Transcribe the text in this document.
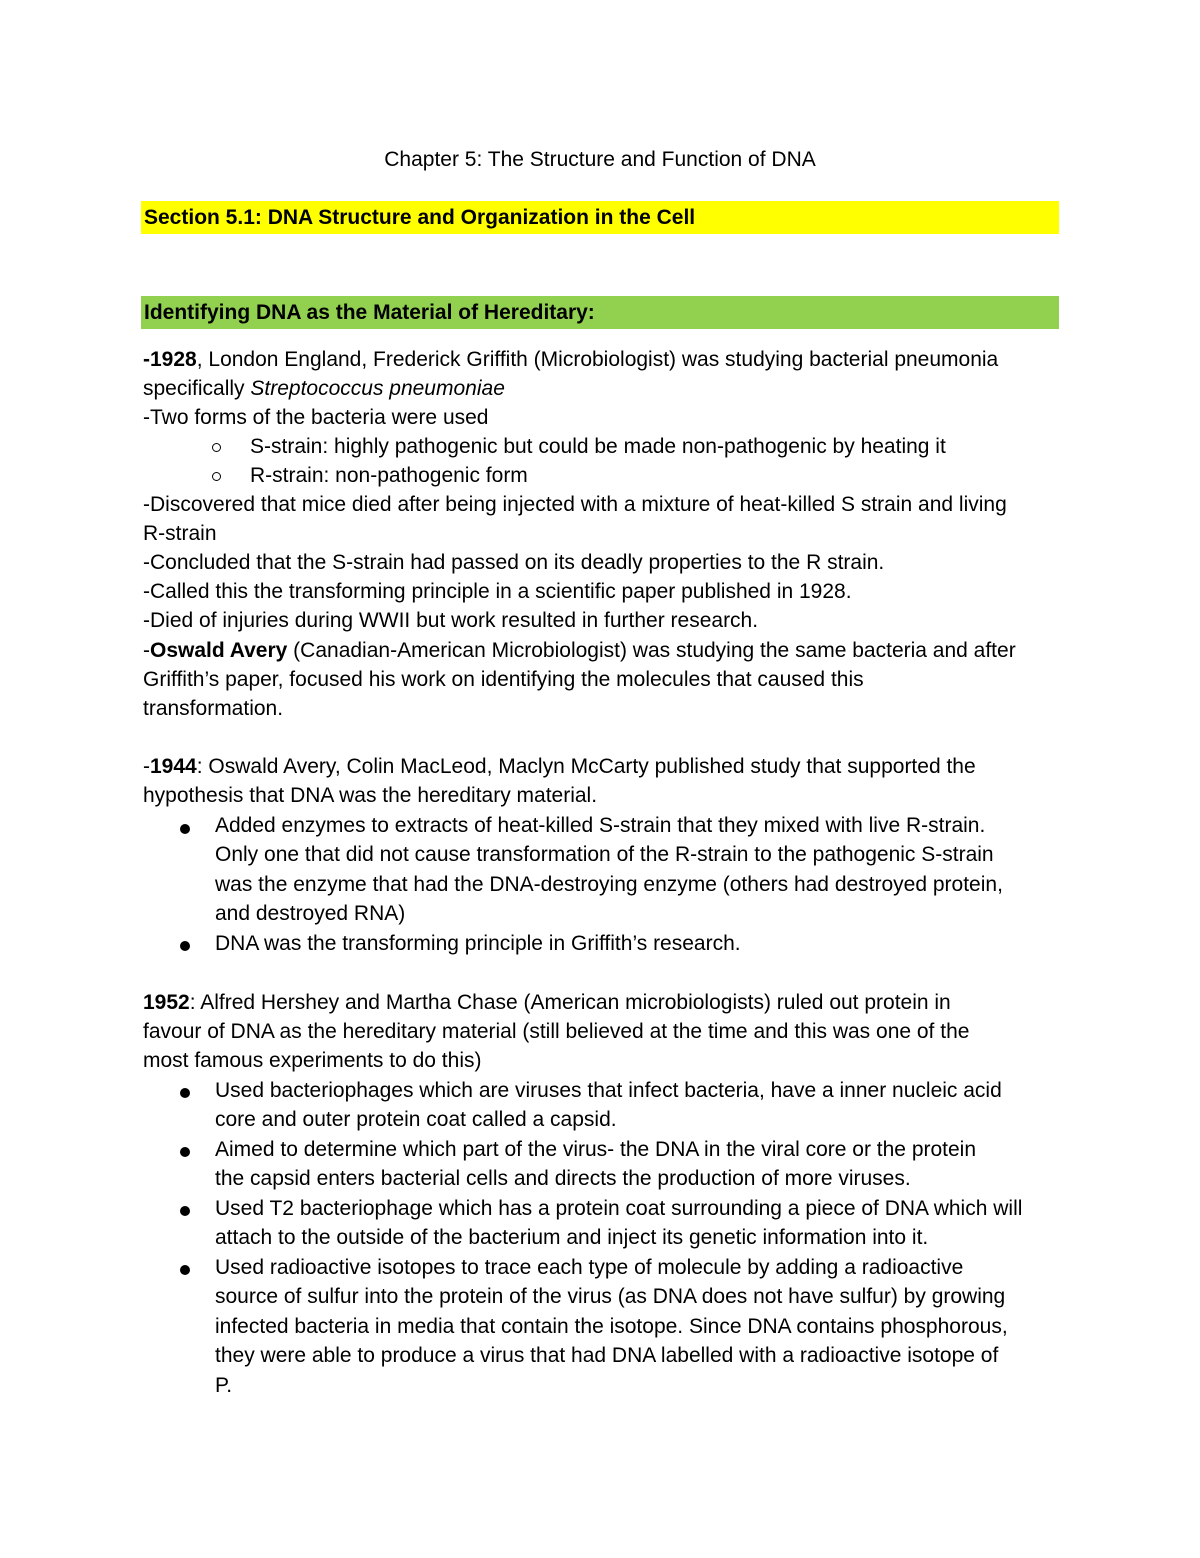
Chapter 5: The Structure and Function of DNA
Section 5.1: DNA Structure and Organization in the Cell
Identifying DNA as the Material of Hereditary:
-1928, London England, Frederick Griffith (Microbiologist) was studying bacterial pneumonia
specifically Streptococcus pneumoniae
-Two forms of the bacteria were used
S-strain: highly pathogenic but could be made non-pathogenic by heating it
R-strain: non-pathogenic form
-Discovered that mice died after being injected with a mixture of heat-killed S strain and living
R-strain
-Concluded that the S-strain had passed on its deadly properties to the R strain.
-Called this the transforming principle in a scientific paper published in 1928.
-Died of injuries during WWII but work resulted in further research.
-Oswald Avery (Canadian-American Microbiologist) was studying the same bacteria and after
Griffith’s paper, focused his work on identifying the molecules that caused this
transformation.
-1944: Oswald Avery, Colin MacLeod, Maclyn McCarty published study that supported the
hypothesis that DNA was the hereditary material.
Added enzymes to extracts of heat-killed S-strain that they mixed with live R-strain.
Only one that did not cause transformation of the R-strain to the pathogenic S-strain
was the enzyme that had the DNA-destroying enzyme (others had destroyed protein,
and destroyed RNA)
DNA was the transforming principle in Griffith’s research.
1952: Alfred Hershey and Martha Chase (American microbiologists) ruled out protein in
favour of DNA as the hereditary material (still believed at the time and this was one of the
most famous experiments to do this)
Used bacteriophages which are viruses that infect bacteria, have a inner nucleic acid
core and outer protein coat called a capsid.
Aimed to determine which part of the virus- the DNA in the viral core or the protein
the capsid enters bacterial cells and directs the production of more viruses.
Used T2 bacteriophage which has a protein coat surrounding a piece of DNA which will
attach to the outside of the bacterium and inject its genetic information into it.
Used radioactive isotopes to trace each type of molecule by adding a radioactive
source of sulfur into the protein of the virus (as DNA does not have sulfur) by growing
infected bacteria in media that contain the isotope. Since DNA contains phosphorous,
they were able to produce a virus that had DNA labelled with a radioactive isotope of
P.
